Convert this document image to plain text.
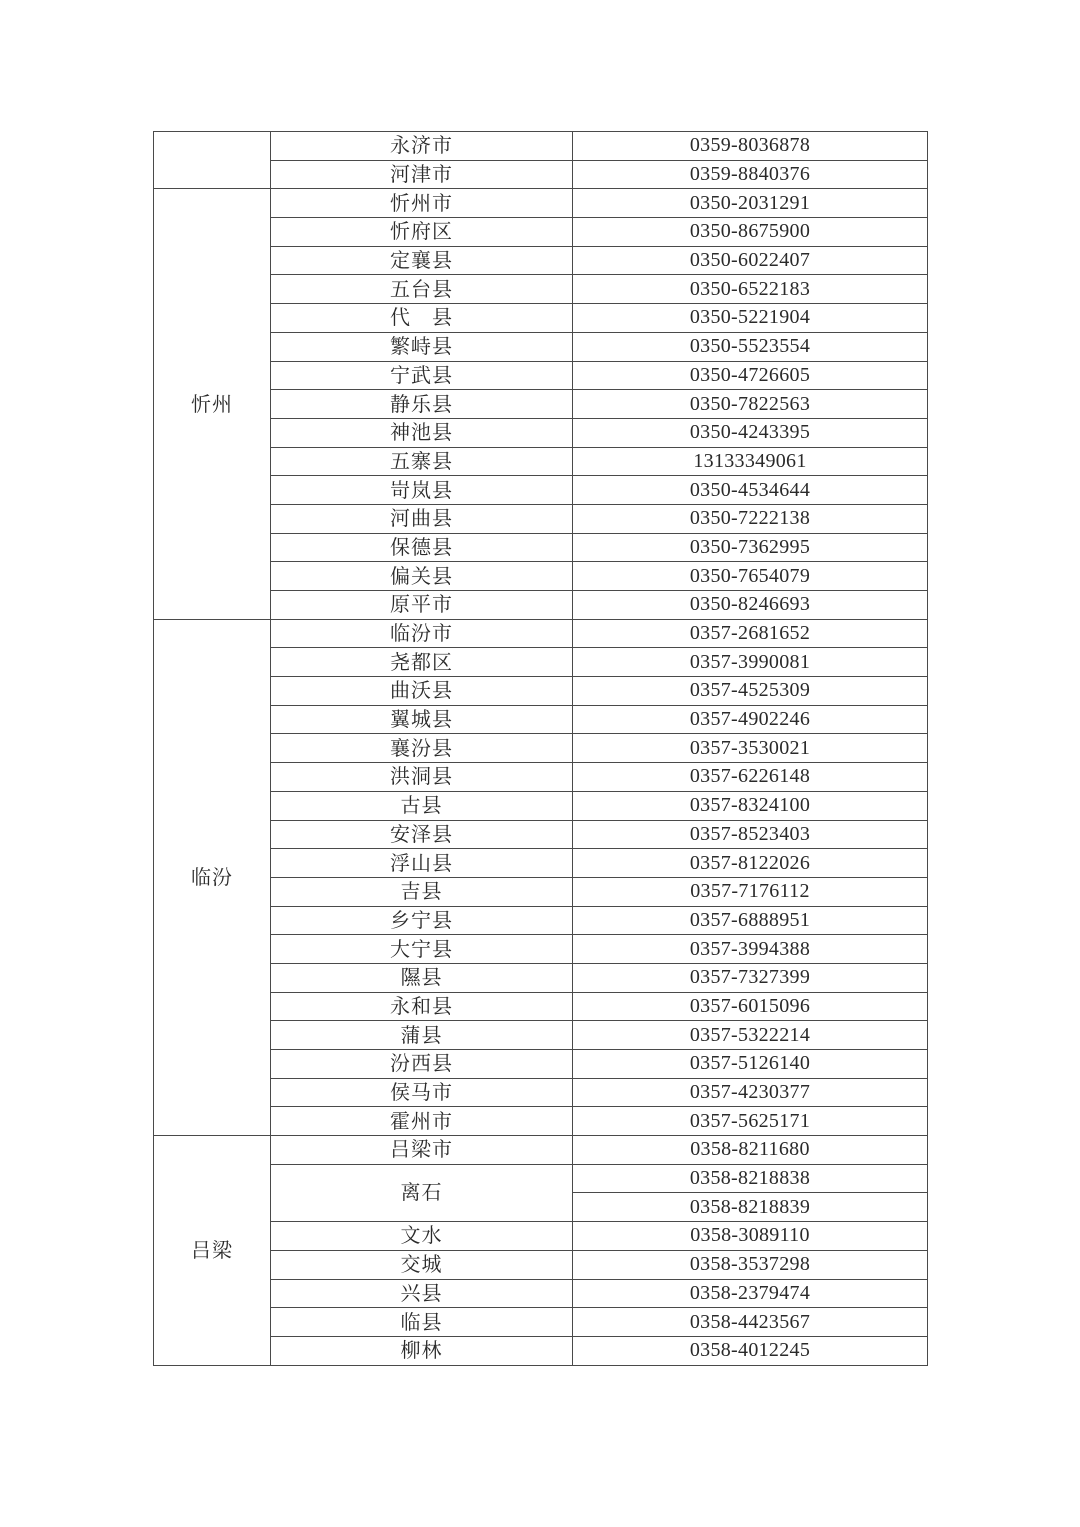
	永济市	0359-8036878
	河津市	0359-8840376
忻州	忻州市	0350-2031291
	忻府区	0350-8675900
	定襄县	0350-6022407
	五台县	0350-6522183
	代　县	0350-5221904
	繁峙县	0350-5523554
	宁武县	0350-4726605
	静乐县	0350-7822563
	神池县	0350-4243395
	五寨县	13133349061
	岢岚县	0350-4534644
	河曲县	0350-7222138
	保德县	0350-7362995
	偏关县	0350-7654079
	原平市	0350-8246693
临汾	临汾市	0357-2681652
	尧都区	0357-3990081
	曲沃县	0357-4525309
	翼城县	0357-4902246
	襄汾县	0357-3530021
	洪洞县	0357-6226148
	古县	0357-8324100
	安泽县	0357-8523403
	浮山县	0357-8122026
	吉县	0357-7176112
	乡宁县	0357-6888951
	大宁县	0357-3994388
	隰县	0357-7327399
	永和县	0357-6015096
	蒲县	0357-5322214
	汾西县	0357-5126140
	侯马市	0357-4230377
	霍州市	0357-5625171
吕梁	吕梁市	0358-8211680
	离石	0358-8218838
		0358-8218839
	文水	0358-3089110
	交城	0358-3537298
	兴县	0358-2379474
	临县	0358-4423567
	柳林	0358-4012245
